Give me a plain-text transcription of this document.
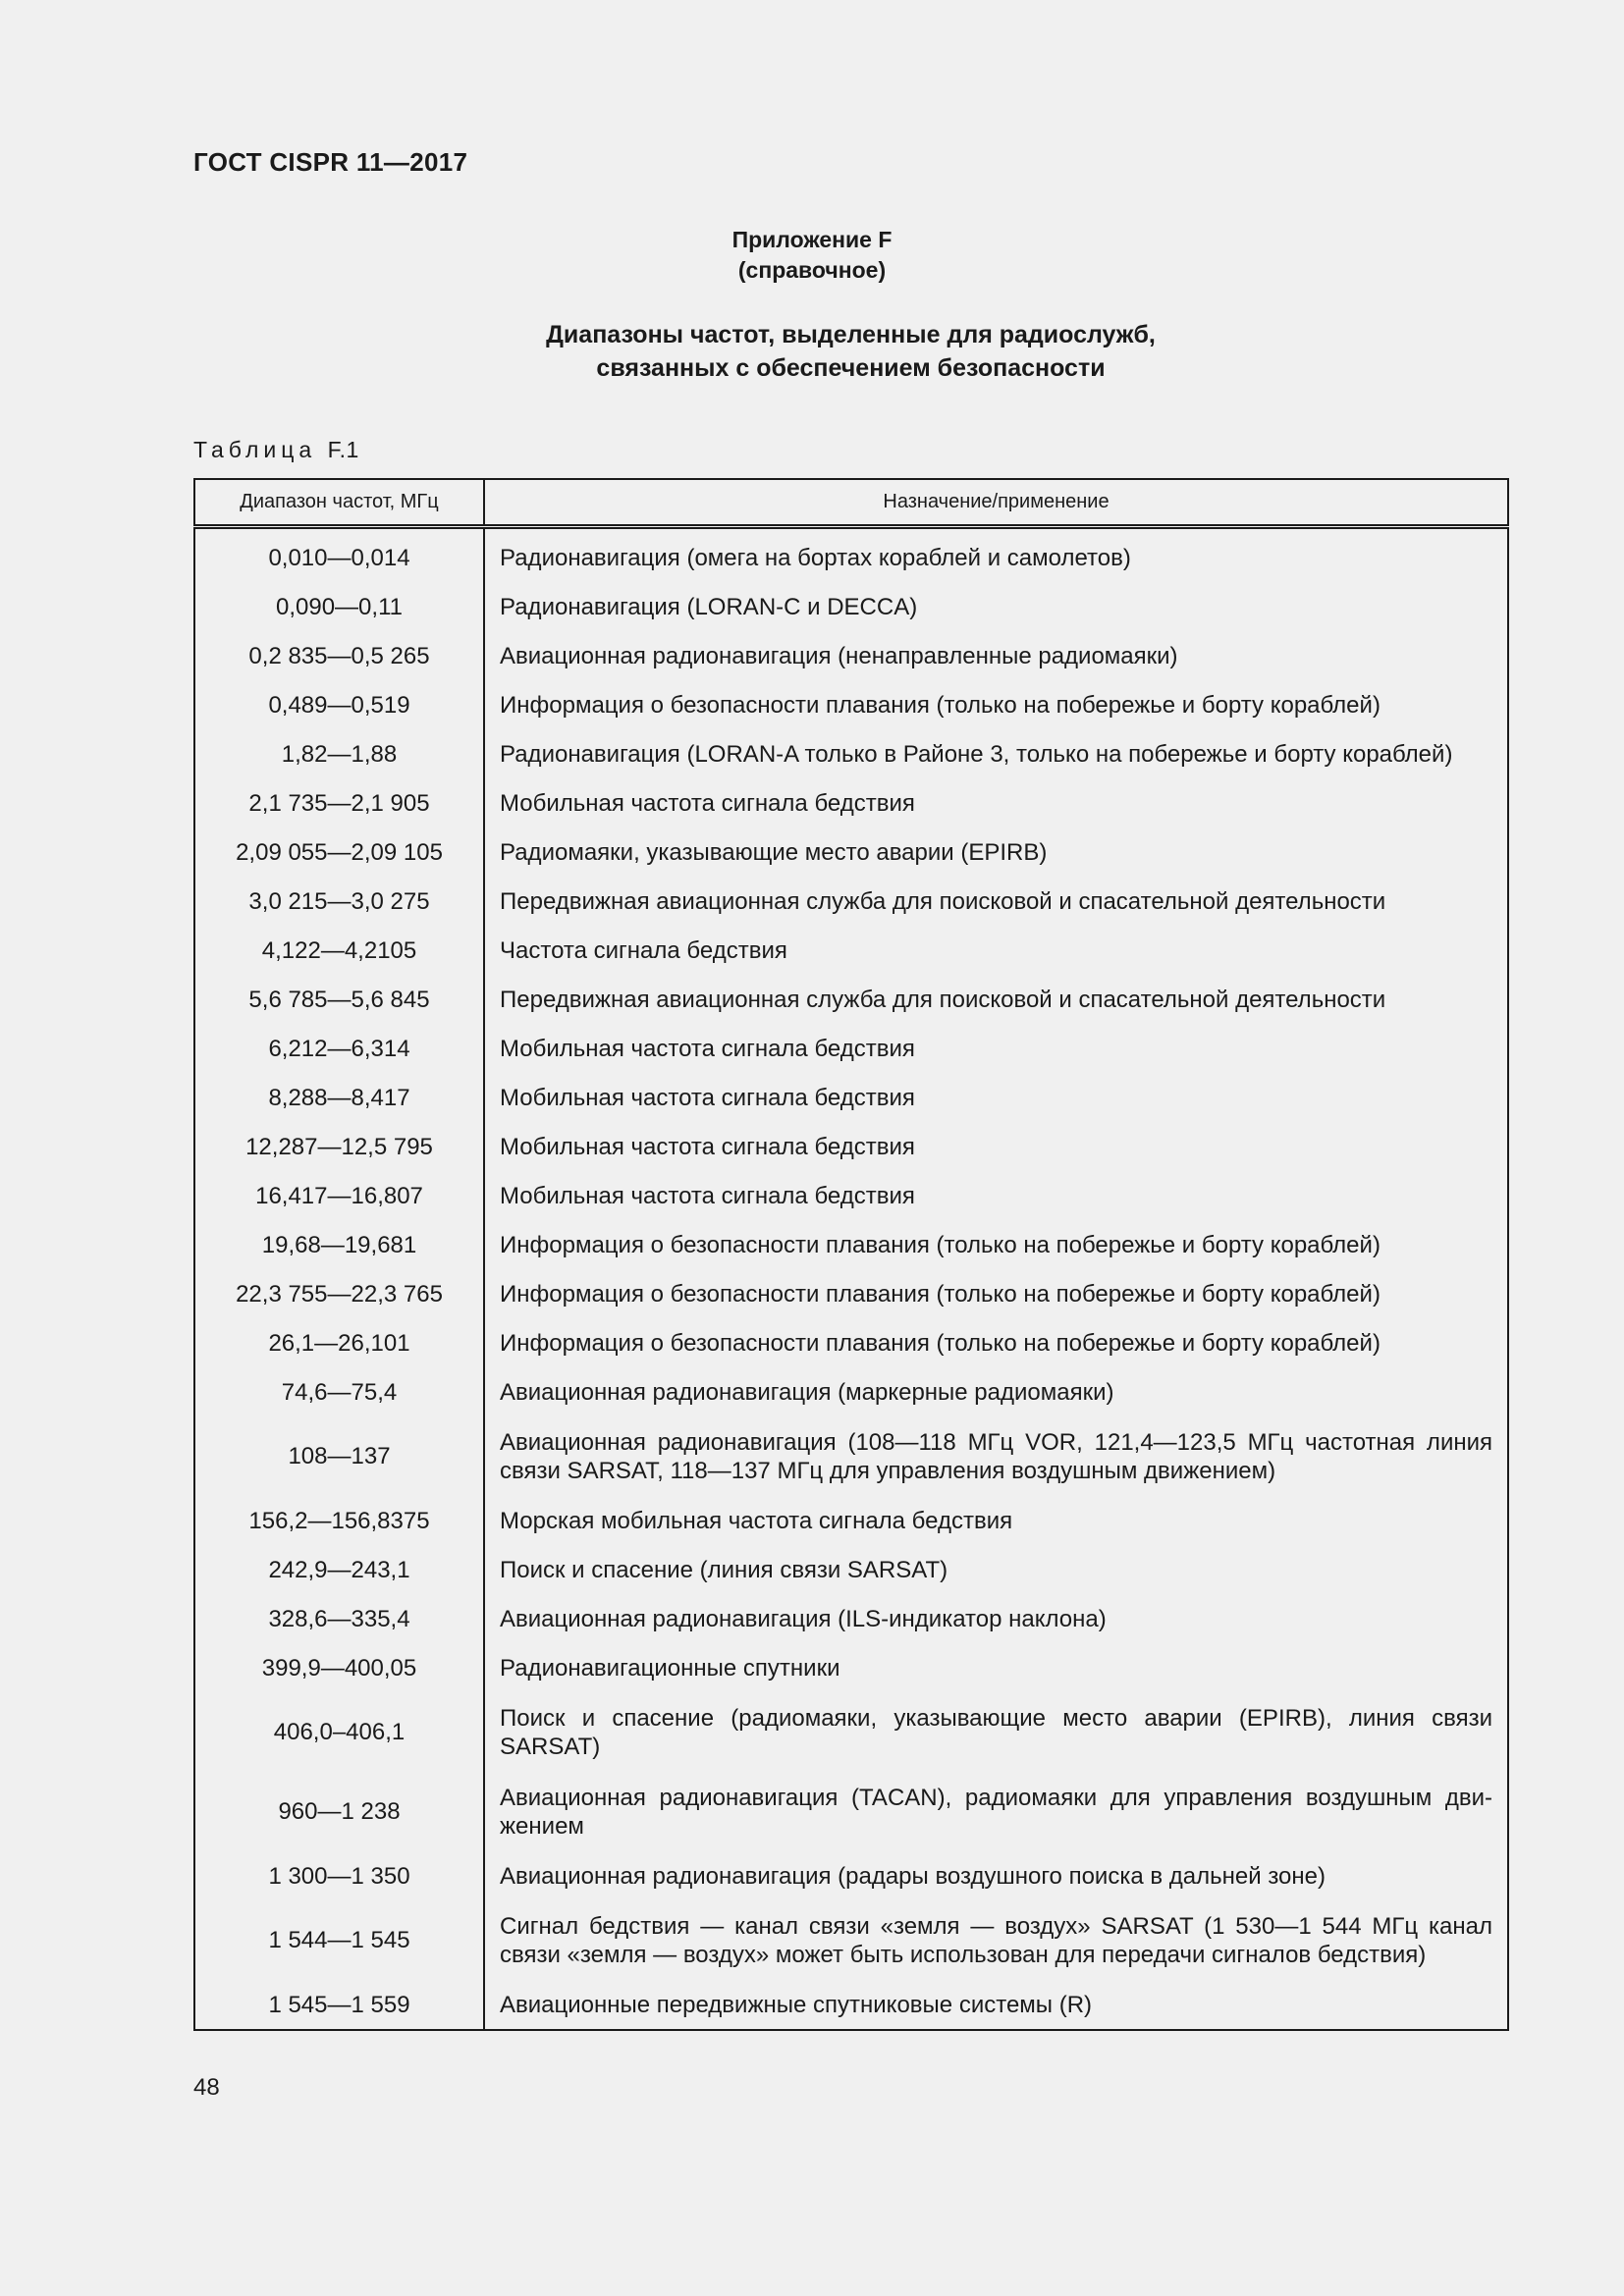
ГОСТ CISPR 11—2017
Приложение F
(справочное)
Диапазоны частот, выделенные для радиослужб,
связанных с обеспечением безопасности
Таблица F.1
Диапазон частот, МГц	Назначение/применение
0,010—0,014	Радионавигация (омега на бортах кораблей и самолетов)
0,090—0,11	Радионавигация (LORAN-C и DECCA)
0,2 835—0,5 265	Авиационная радионавигация (ненаправленные радиомаяки)
0,489—0,519	Информация о безопасности плавания (только на побережье и борту кораблей)
1,82—1,88	Радионавигация (LORAN-A только в Районе 3, только на побережье и борту кораблей)
2,1 735—2,1 905	Мобильная частота сигнала бедствия
2,09 055—2,09 105	Радиомаяки, указывающие место аварии (EPIRB)
3,0 215—3,0 275	Передвижная авиационная служба для поисковой и спасательной деятельности
4,122—4,2105	Частота сигнала бедствия
5,6 785—5,6 845	Передвижная авиационная служба для поисковой и спасательной деятельности
6,212—6,314	Мобильная частота сигнала бедствия
8,288—8,417	Мобильная частота сигнала бедствия
12,287—12,5 795	Мобильная частота сигнала бедствия
16,417—16,807	Мобильная частота сигнала бедствия
19,68—19,681	Информация о безопасности плавания (только на побережье и борту кораблей)
22,3 755—22,3 765	Информация о безопасности плавания (только на побережье и борту кораблей)
26,1—26,101	Информация о безопасности плавания (только на побережье и борту кораблей)
74,6—75,4	Авиационная радионавигация (маркерные радиомаяки)
108—137	Авиационная радионавигация (108—118 МГц VOR, 121,4—123,5 МГц частотная линия связи SARSAT, 118—137 МГц для управления воздушным движением)
156,2—156,8375	Морская мобильная частота сигнала бедствия
242,9—243,1	Поиск и спасение (линия связи SARSAT)
328,6—335,4	Авиационная радионавигация (ILS-индикатор наклона)
399,9—400,05	Радионавигационные спутники
406,0–406,1	Поиск и спасение (радиомаяки, указывающие место аварии (EPIRB), линия связи SARSAT)
960—1 238	Авиационная радионавигация (TACAN), радиомаяки для управления воздушным дви-жением
1 300—1 350	Авиационная радионавигация (радары воздушного поиска в дальней зоне)
1 544—1 545	Сигнал бедствия — канал связи «земля — воздух» SARSAT (1 530—1 544 МГц канал связи «земля — воздух» может быть использован для передачи сигналов бедствия)
1 545—1 559	Авиационные передвижные спутниковые системы (R)
48
